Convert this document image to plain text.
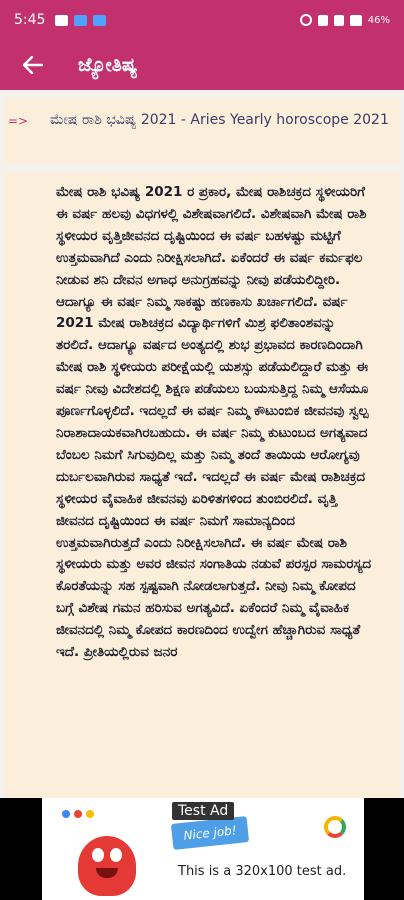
5:45	46%
ಜ್ಯೋತಿಷ್ಯ
=>	ಮೇಷ ರಾಶಿ ಭವಿಷ್ಯ 2021 - Aries Yearly horoscope 2021
ಮೇಷ ರಾಶಿ ಭವಿಷ್ಯ 2021 ರ ಪ್ರಕಾರ, ಮೇಷ ರಾಶಿಚಕ್ರದ ಸ್ಥಳೀಯರಿಗೆ ಈ ವರ್ಷ ಹಲವು ವಿಧಗಳಲ್ಲಿ ವಿಶೇಷವಾಗಲಿದೆ. ವಿಶೇಷವಾಗಿ ಮೇಷ ರಾಶಿ ಸ್ಥಳೀಯರ ವೃತ್ತಿಜೀವನದ ದೃಷ್ಟಿಯಿಂದ ಈ ವರ್ಷ ಬಹಳಷ್ಟು ಮಟ್ಟಿಗೆ ಉತ್ತಮವಾಗಿದೆ ಎಂದು ನಿರೀಕ್ಷಿಸಲಾಗಿದೆ. ಏಕೆಂದರೆ ಈ ವರ್ಷ ಕರ್ಮಫಲ ನೀಡುವ ಶನಿ ದೇವನ ಅಗಾಧ ಅನುಗ್ರಹವನ್ನು ನೀವು ಪಡೆಯಲಿದ್ದೀರಿ. ಆದಾಗ್ಯೂ ಈ ವರ್ಷ ನಿಮ್ಮ ಸಾಕಷ್ಟು ಹಣಕಾಸು ಖರ್ಚಾಗಲಿದೆ. ವರ್ಷ 2021 ಮೇಷ ರಾಶಿಚಕ್ರದ ವಿದ್ಯಾರ್ಥಿಗಳಿಗೆ ಮಿಶ್ರ ಫಲಿತಾಂಶವನ್ನು ತರಲಿದೆ. ಆದಾಗ್ಯೂ ವರ್ಷದ ಅಂತ್ಯದಲ್ಲಿ ಶುಭ ಪ್ರಭಾವದ ಕಾರಣದಿಂದಾಗಿ ಮೇಷ ರಾಶಿ ಸ್ಥಳೀಯರು ಪರೀಕ್ಷೆಯಲ್ಲಿ ಯಶಸ್ಸು ಪಡೆಯಲಿದ್ದಾರೆ ಮತ್ತು ಈ ವರ್ಷ ನೀವು ವಿದೇಶದಲ್ಲಿ ಶಿಕ್ಷಣ ಪಡೆಯಲು ಬಯಸುತ್ತಿದ್ದ ನಿಮ್ಮ ಆಸೆಯೂ ಪೂರ್ಣಗೊಳ್ಳಲಿದೆ. ಇದಲ್ಲದೆ ಈ ವರ್ಷ ನಿಮ್ಮ ಕೌಟುಂಬಿಕ ಜೀವನವು ಸ್ವಲ್ಪ ನಿರಾಶಾದಾಯಕವಾಗಿರಬಹುದು. ಈ ವರ್ಷ ನಿಮ್ಮ ಕುಟುಂಬದ ಅಗತ್ಯವಾದ ಬೆಂಬಲ ನಿಮಗೆ ಸಿಗುವುದಿಲ್ಲ ಮತ್ತು ನಿಮ್ಮ ತಂದೆ ತಾಯಿಯ ಆರೋಗ್ಯವು ದುರ್ಬಲವಾಗಿರುವ ಸಾಧ್ಯತೆ ಇದೆ. ಇದಲ್ಲದೆ ಈ ವರ್ಷ ಮೇಷ ರಾಶಿಚಕ್ರದ ಸ್ಥಳೀಯರ ವೈವಾಹಿಕ ಜೀವನವು ಏರಿಳಿತಗಳಿಂದ ತುಂಬಿರಲಿದೆ. ವೃತ್ತಿ ಜೀವನದ ದೃಷ್ಟಿಯಿಂದ ಈ ವರ್ಷ ನಿಮಗೆ ಸಾಮಾನ್ಯದಿಂದ ಉತ್ತಮವಾಗಿರುತ್ತದೆ ಎಂದು ನಿರೀಕ್ಷಿಸಲಾಗಿದೆ. ಈ ವರ್ಷ ಮೇಷ ರಾಶಿ ಸ್ಥಳೀಯರು ಮತ್ತು ಅವರ ಜೀವನ ಸಂಗಾತಿಯ ನಡುವೆ ಪರಸ್ಪರ ಸಾಮರಸ್ಯದ ಕೊರತೆಯನ್ನು ಸಹ ಸ್ಪಷ್ಟವಾಗಿ ನೋಡಲಾಗುತ್ತದೆ. ನೀವು ನಿಮ್ಮ ಕೋಪದ ಬಗ್ಗೆ ವಿಶೇಷ ಗಮನ ಹರಿಸುವ ಅಗತ್ಯವಿದೆ. ಏಕೆಂದರೆ ನಿಮ್ಮ ವೈವಾಹಿಕ ಜೀವನದಲ್ಲಿ ನಿಮ್ಮ ಕೋಪದ ಕಾರಣದಿಂದ ಉದ್ವೇಗ ಹೆಚ್ಚಾಗಿರುವ ಸಾಧ್ಯತೆ ಇದೆ. ಪ್ರೀತಿಯಲ್ಲಿರುವ ಜನರ
Nice job!
Test Ad
This is a 320x100 test ad.
